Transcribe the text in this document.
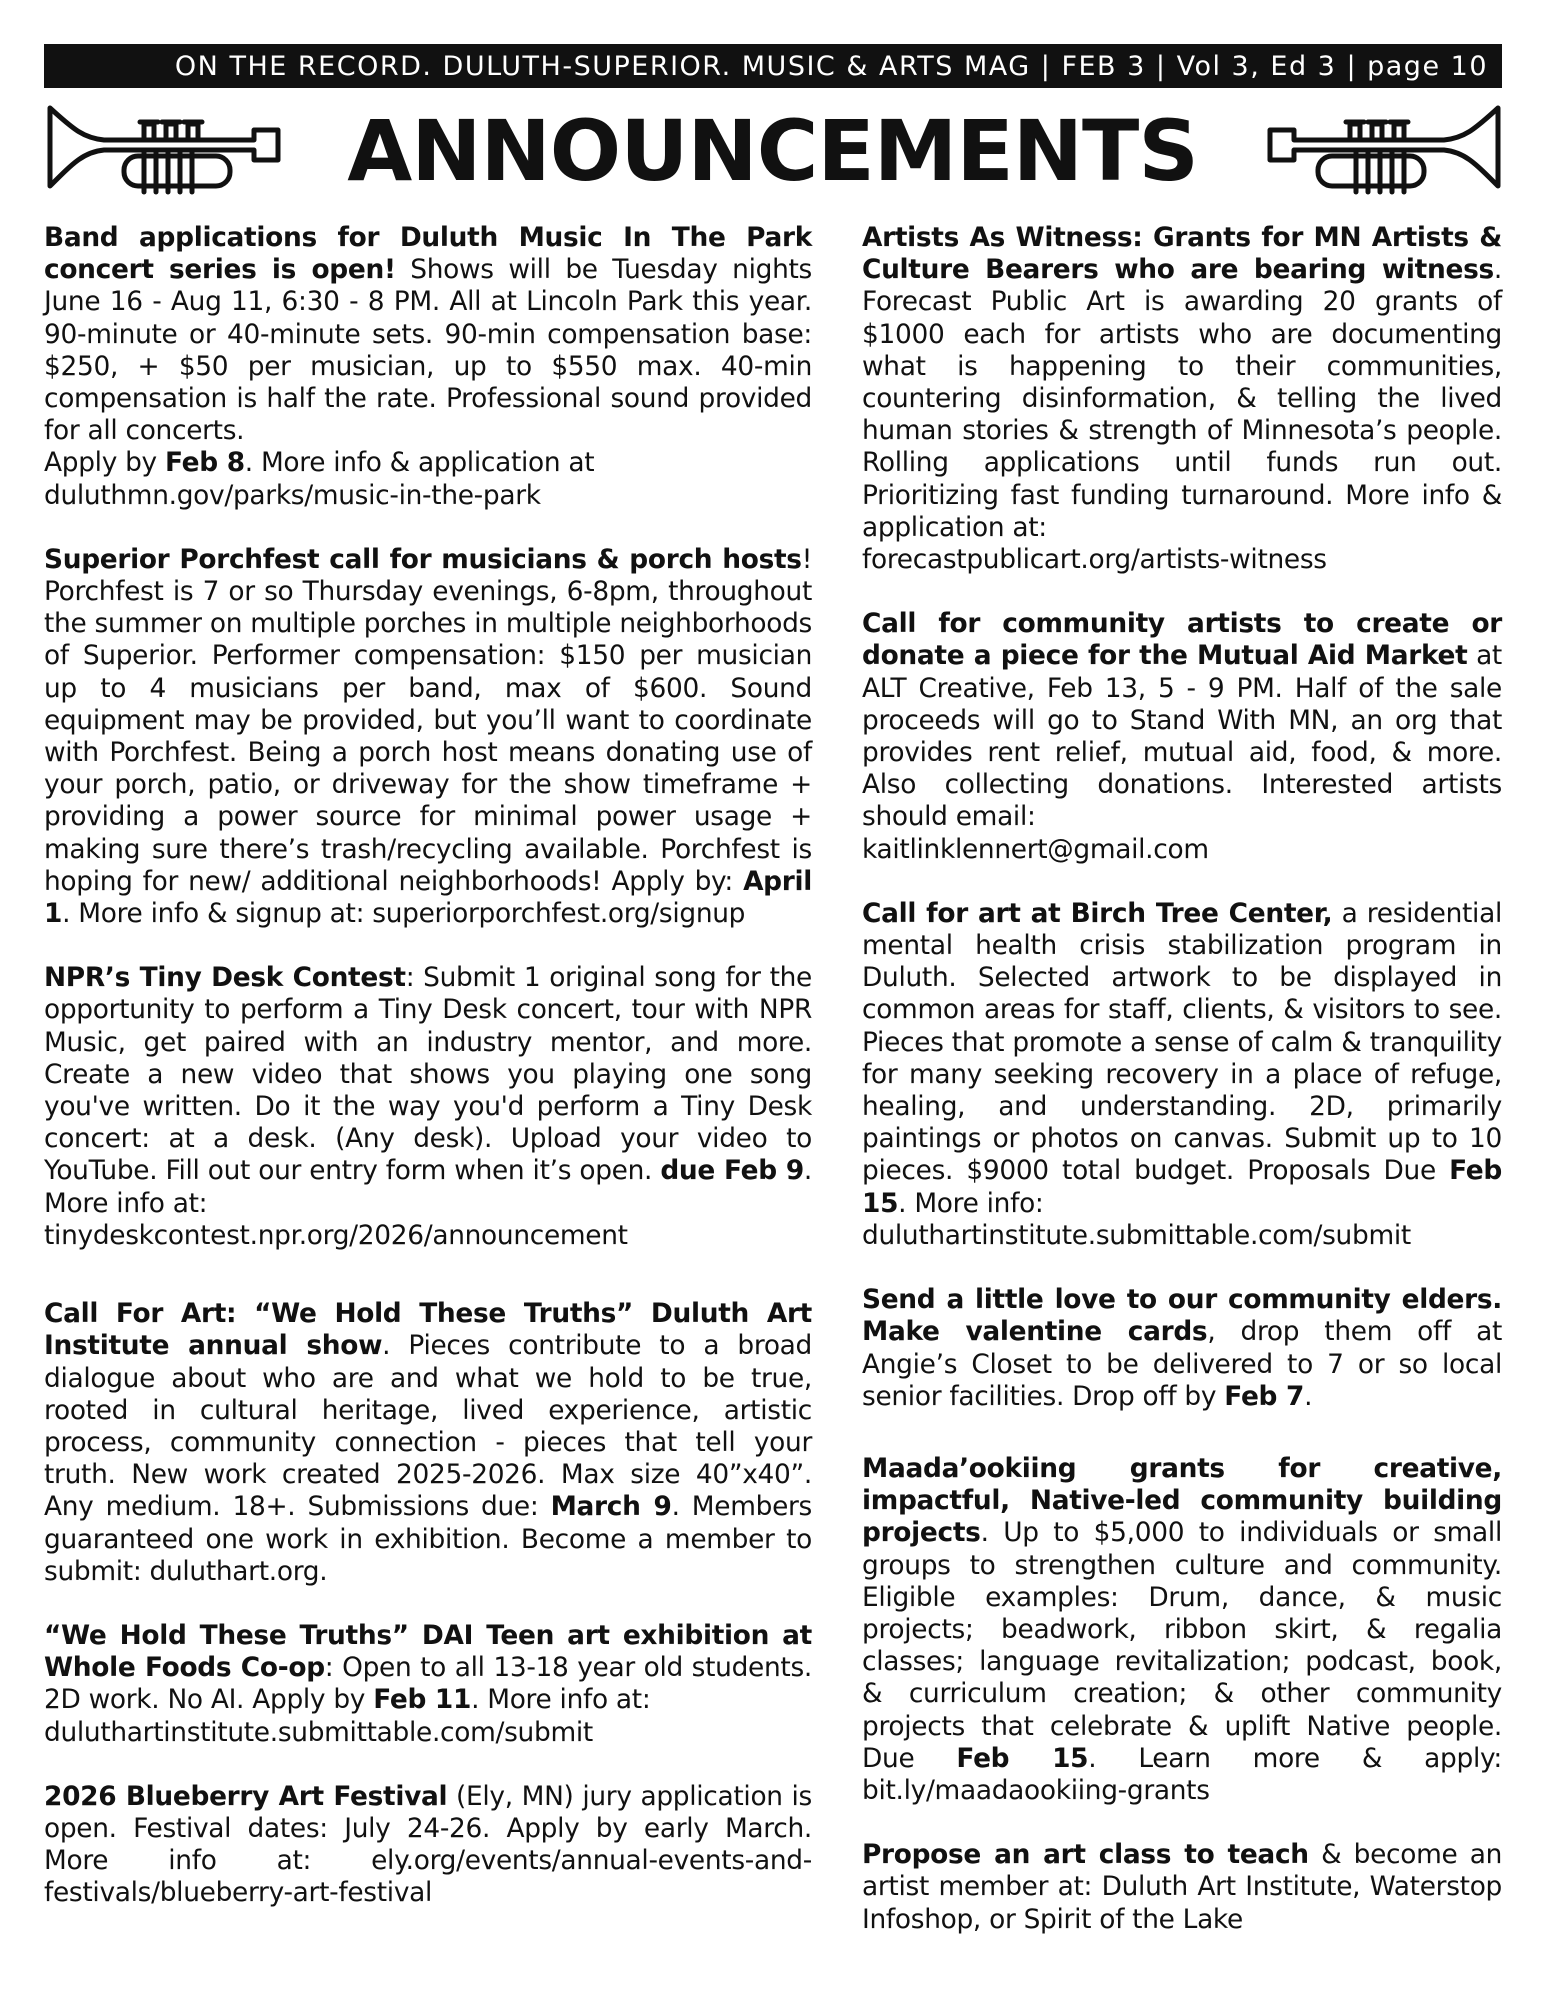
ON THE RECORD. DULUTH-SUPERIOR. MUSIC & ARTS MAG | FEB 3 | Vol 3, Ed 3 | page 10
ANNOUNCEMENTS

Band applications for Duluth Music In The Park concert series is open! Shows will be Tuesday nights June 16 - Aug 11, 6:30 - 8 PM. All at Lincoln Park this year. 90-minute or 40-minute sets. 90-min compensation base: $250, + $50 per musician, up to $550 max. 40-min compensation is half the rate. Professional sound provided for all concerts.

Apply by Feb 8. More info & application at
duluthmn.gov/parks/music-in-the-park

Superior Porchfest call for musicians & porch hosts! Porchfest is 7 or so Thursday evenings, 6-8pm, throughout the summer on multiple porches in multiple neighborhoods of Superior. Performer compensation: $150 per musician up to 4 musicians per band, max of $600. Sound equipment may be provided, but you’ll want to coordinate with Porchfest. Being a porch host means donating use of your porch, patio, or driveway for the show timeframe + providing a power source for minimal power usage + making sure there’s trash/recycling available. Porchfest is hoping for new/ additional neighborhoods! Apply by: April 1. More info & signup at: superiorporchfest.org/signup

NPR’s Tiny Desk Contest: Submit 1 original song for the opportunity to perform a Tiny Desk concert, tour with NPR Music, get paired with an industry mentor, and more. Create a new video that shows you playing one song you've written. Do it the way you'd perform a Tiny Desk concert: at a desk. (Any desk). Upload your video to YouTube. Fill out our entry form when it’s open. due Feb 9. More info at:
tinydeskcontest.npr.org/2026/announcement

Call For Art: “We Hold These Truths” Duluth Art Institute annual show. Pieces contribute to a broad dialogue about who are and what we hold to be true, rooted in cultural heritage, lived experience, artistic process, community connection - pieces that tell your truth. New work created 2025-2026. Max size 40”x40”. Any medium. 18+. Submissions due: March 9. Members guaranteed one work in exhibition. Become a member to submit: duluthart.org.

“We Hold These Truths” DAI Teen art exhibition at Whole Foods Co-op: Open to all 13-18 year old students. 2D work. No AI. Apply by Feb 11. More info at:
duluthartinstitute.submittable.com/submit

2026 Blueberry Art Festival (Ely, MN) jury application is open. Festival dates: July 24-26. Apply by early March. More info at: ely.org/events/annual-events-and-festivals/blueberry-art-festival

Artists As Witness: Grants for MN Artists & Culture Bearers who are bearing witness. Forecast Public Art is awarding 20 grants of $1000 each for artists who are documenting what is happening to their communities, countering disinformation, & telling the lived human stories & strength of Minnesota’s people. Rolling applications until funds run out. Prioritizing fast funding turnaround. More info & application at:
forecastpublicart.org/artists-witness

Call for community artists to create or donate a piece for the Mutual Aid Market at ALT Creative, Feb 13, 5 - 9 PM. Half of the sale proceeds will go to Stand With MN, an org that provides rent relief, mutual aid, food, & more. Also collecting donations. Interested artists should email:
kaitlinklennert@gmail.com

Call for art at Birch Tree Center, a residential mental health crisis stabilization program in Duluth. Selected artwork to be displayed in common areas for staff, clients, & visitors to see. Pieces that promote a sense of calm & tranquility for many seeking recovery in a place of refuge, healing, and understanding. 2D, primarily paintings or photos on canvas. Submit up to 10 pieces. $9000 total budget. Proposals Due Feb 15. More info:
duluthartinstitute.submittable.com/submit

Send a little love to our community elders. Make valentine cards, drop them off at Angie’s Closet to be delivered to 7 or so local senior facilities. Drop off by Feb 7.

Maada’ookiing grants for creative, impactful, Native-led community building projects. Up to $5,000 to individuals or small groups to strengthen culture and community. Eligible examples: Drum, dance, & music projects; beadwork, ribbon skirt, & regalia classes; language revitalization; podcast, book, & curriculum creation; & other community projects that celebrate & uplift Native people. Due Feb 15. Learn more & apply: bit.ly/maadaookiing-grants

Propose an art class to teach & become an artist member at: Duluth Art Institute, Waterstop Infoshop, or Spirit of the Lake
